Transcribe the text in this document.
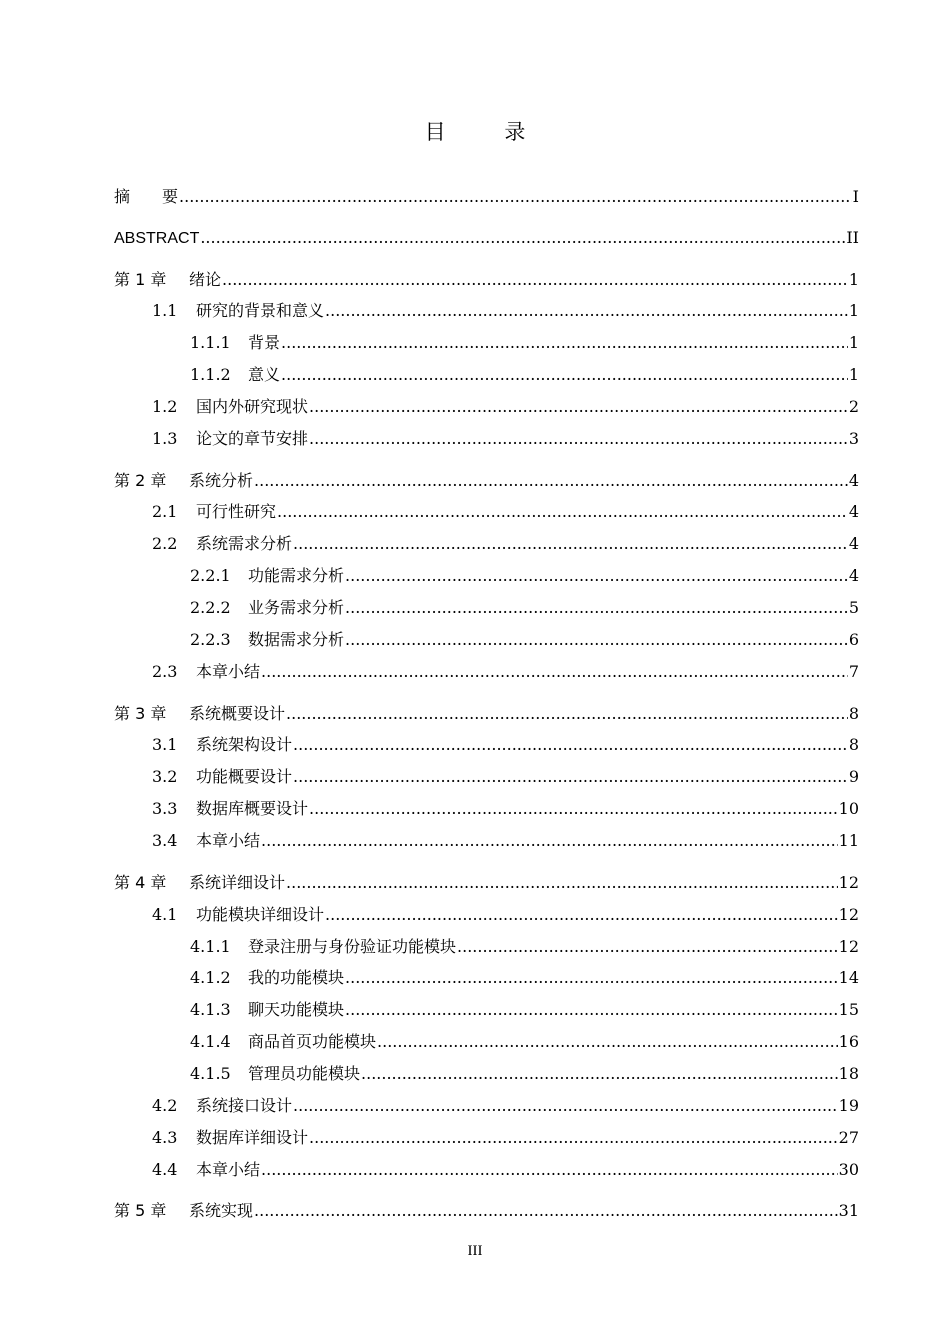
目 录
摘　　要 .....	I
ABSTRACT .....	II
第 1 章 绪论 .....	1
1.1 研究的背景和意义 .....	1
1.1.1 背景 .....	1
1.1.2 意义 .....	1
1.2 国内外研究现状 .....	2
1.3 论文的章节安排 .....	3
第 2 章 系统分析 .....	4
2.1 可行性研究 .....	4
2.2 系统需求分析 .....	4
2.2.1 功能需求分析 .....	4
2.2.2 业务需求分析 .....	5
2.2.3 数据需求分析 .....	6
2.3 本章小结 .....	7
第 3 章 系统概要设计 .....	8
3.1 系统架构设计 .....	8
3.2 功能概要设计 .....	9
3.3 数据库概要设计 .....	10
3.4 本章小结 .....	11
第 4 章 系统详细设计 .....	12
4.1 功能模块详细设计 .....	12
4.1.1 登录注册与身份验证功能模块 .....	12
4.1.2 我的功能模块 .....	14
4.1.3 聊天功能模块 .....	15
4.1.4 商品首页功能模块 .....	16
4.1.5 管理员功能模块 .....	18
4.2 系统接口设计 .....	19
4.3 数据库详细设计 .....	27
4.4 本章小结 .....	30
第 5 章 系统实现 .....	31
III
